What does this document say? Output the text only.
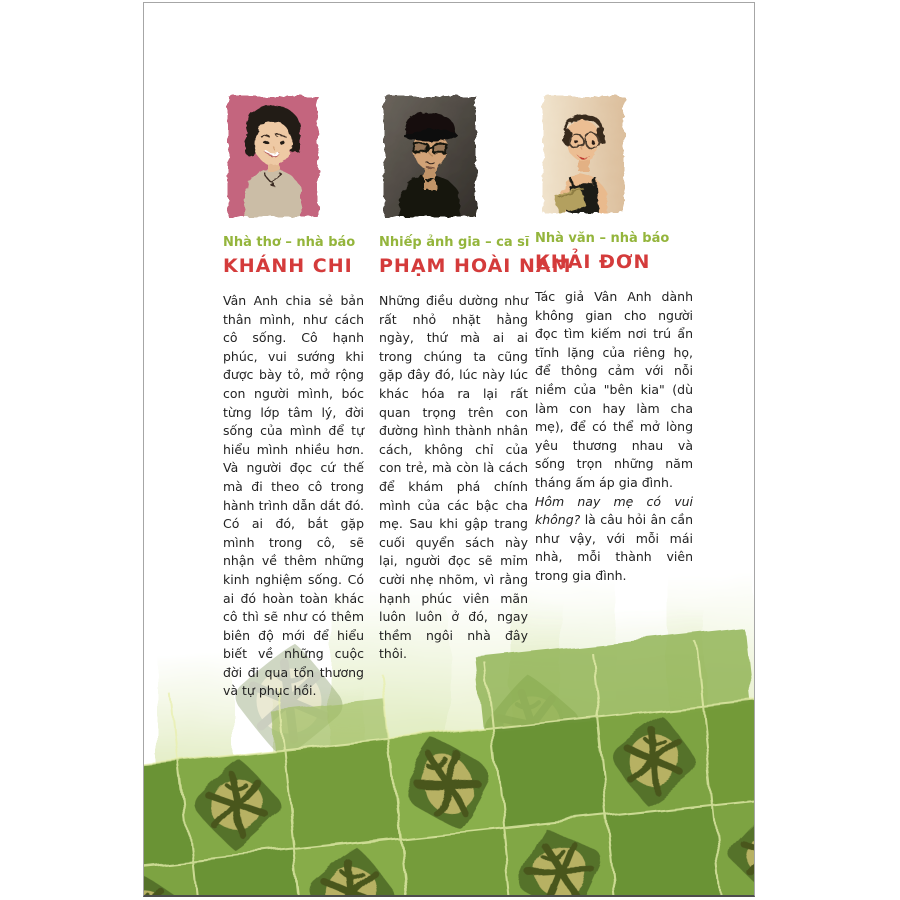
Nhà thơ – nhà báo
KHÁNH CHI

Vân Anh chia sẻ bản thân mình, như cách cô sống. Cô hạnh phúc, vui sướng khi được bày tỏ, mở rộng con người mình, bóc từng lớp tâm lý, đời sống của mình để tự hiểu mình nhiều hơn. Và người đọc cứ thế mà đi theo cô trong hành trình dẫn dắt đó. Có ai đó, bắt gặp mình trong cô, sẽ nhận về thêm những kinh nghiệm sống. Có ai đó hoàn toàn khác cô thì sẽ như có thêm biên độ mới để hiểu biết về những cuộc đời đi qua tổn thương và tự phục hồi.

Nhiếp ảnh gia – ca sĩ
PHẠM HOÀI NAM

Những điều dường như rất nhỏ nhặt hằng ngày, thứ mà ai ai trong chúng ta cũng gặp đây đó, lúc này lúc khác hóa ra lại rất quan trọng trên con đường hình thành nhân cách, không chỉ của con trẻ, mà còn là cách để khám phá chính mình của các bậc cha mẹ. Sau khi gập trang cuối quyển sách này lại, người đọc sẽ mỉm cười nhẹ nhõm, vì rằng hạnh phúc viên mãn luôn luôn ở đó, ngay thềm ngôi nhà đây thôi.

Nhà văn – nhà báo
KHẢI ĐƠN

Tác giả Vân Anh dành không gian cho người đọc tìm kiếm nơi trú ẩn tĩnh lặng của riêng họ, để thông cảm với nỗi niềm của "bên kia" (dù làm con hay làm cha mẹ), để có thể mở lòng yêu thương nhau và sống trọn những năm tháng ấm áp gia đình.

Hôm nay mẹ có vui không? là câu hỏi ân cần như vậy, với mỗi mái nhà, mỗi thành viên trong gia đình.
